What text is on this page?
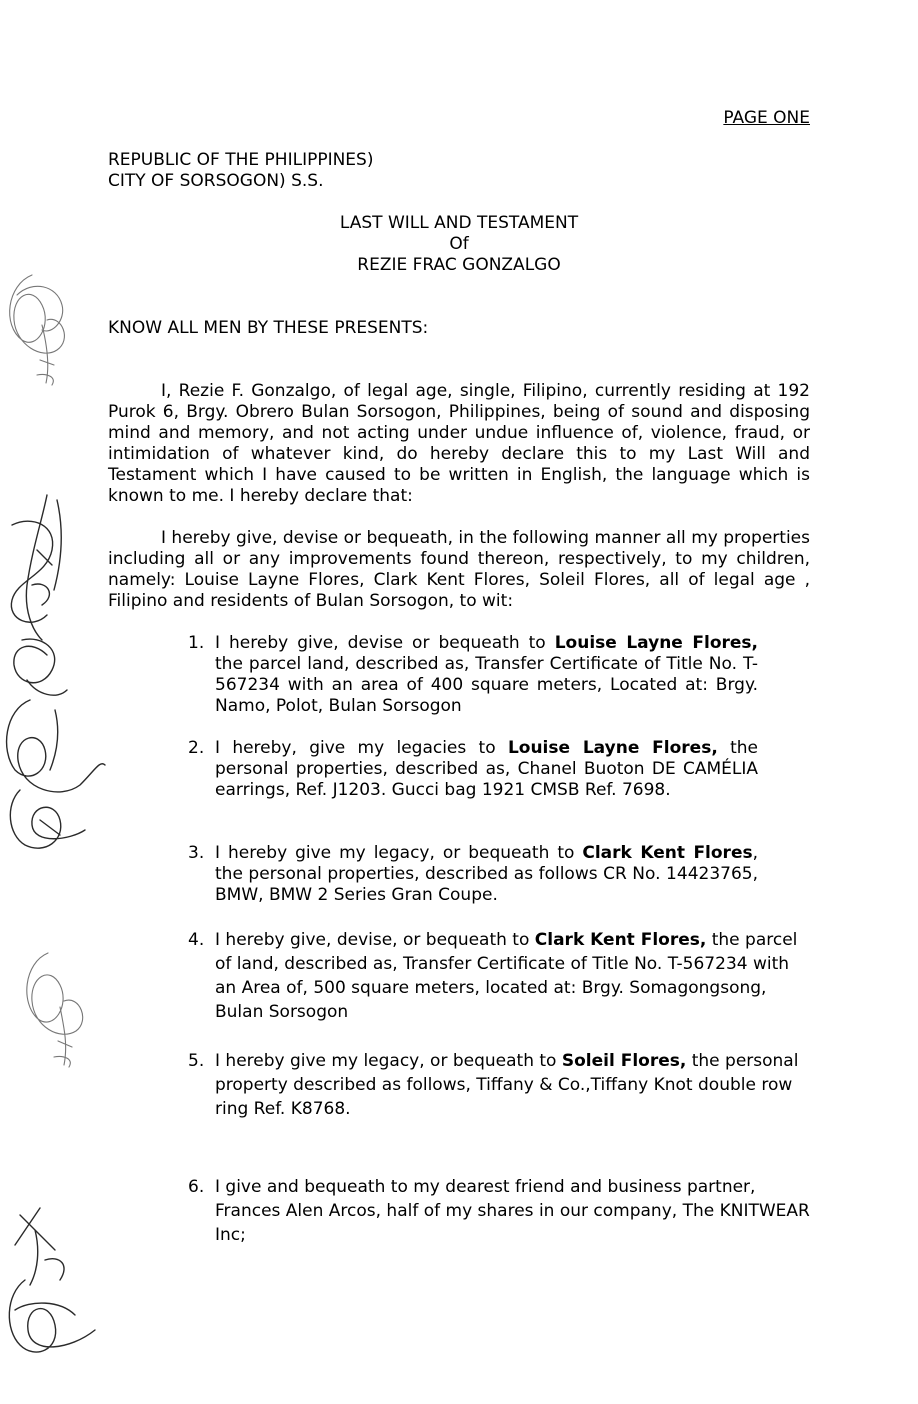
PAGE ONE
REPUBLIC OF THE PHILIPPINES)
CITY OF SORSOGON) S.S.
LAST WILL AND TESTAMENT
Of
REZIE FRAC GONZALGO
KNOW ALL MEN BY THESE PRESENTS:
I, Rezie F. Gonzalgo, of legal age, single, Filipino, currently residing at 192 Purok 6, Brgy. Obrero Bulan Sorsogon, Philippines, being of sound and disposing mind and memory, and not acting under undue influence of, violence, fraud, or intimidation of whatever kind, do hereby declare this to my Last Will and Testament which I have caused to be written in English, the language which is known to me. I hereby declare that:
I hereby give, devise or bequeath, in the following manner all my properties including all or any improvements found thereon, respectively, to my children, namely: Louise Layne Flores, Clark Kent Flores, Soleil Flores, all of legal age , Filipino and residents of Bulan Sorsogon, to wit:
1. I hereby give, devise or bequeath to Louise Layne Flores, the parcel land, described as, Transfer Certificate of Title No. T-567234 with an area of 400 square meters, Located at: Brgy. Namo, Polot, Bulan Sorsogon
2. I hereby, give my legacies to Louise Layne Flores, the personal properties, described as, Chanel Buoton DE CAMÉLIA earrings, Ref. J1203. Gucci bag 1921 CMSB Ref. 7698.
3. I hereby give my legacy, or bequeath to Clark Kent Flores, the personal properties, described as follows CR No. 14423765, BMW, BMW 2 Series Gran Coupe.
4. I hereby give, devise, or bequeath to Clark Kent Flores, the parcel of land, described as, Transfer Certificate of Title No. T-567234 with an Area of, 500 square meters, located at: Brgy. Somagongsong, Bulan Sorsogon
5. I hereby give my legacy, or bequeath to Soleil Flores, the personal property described as follows, Tiffany & Co.,Tiffany Knot double row ring Ref. K8768.
6. I give and bequeath to my dearest friend and business partner, Frances Alen Arcos, half of my shares in our company, The KNITWEAR Inc;
